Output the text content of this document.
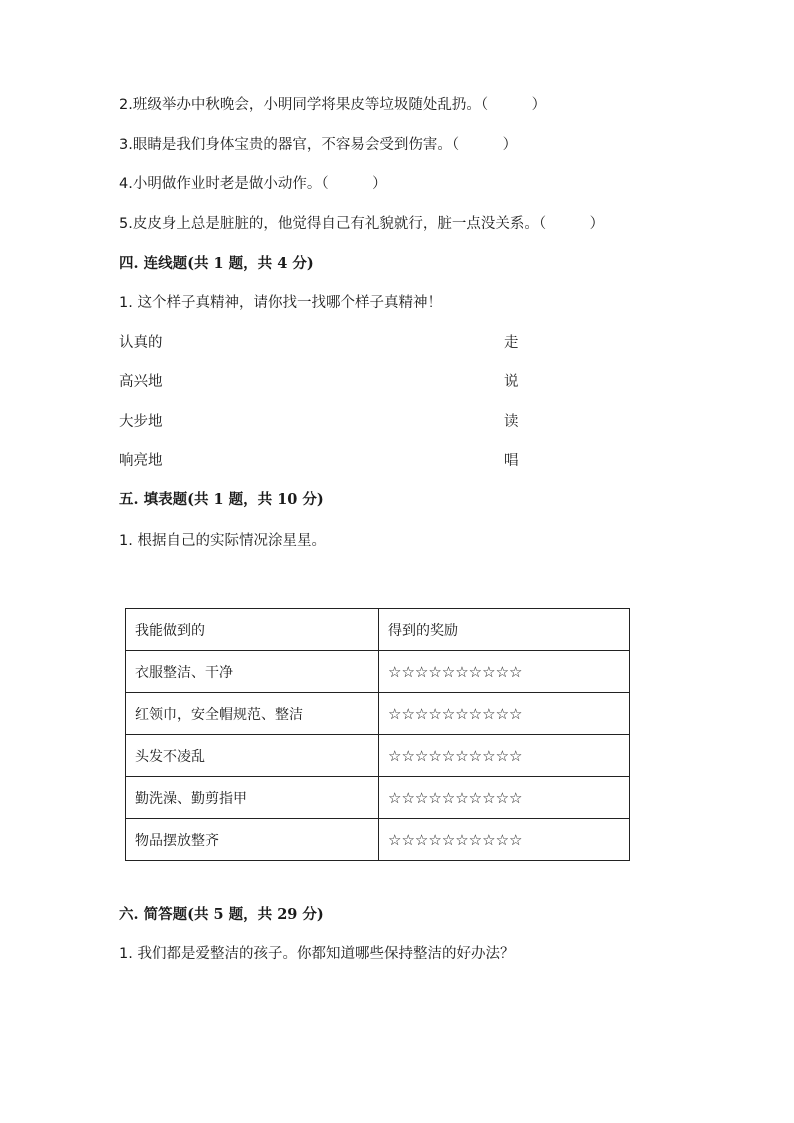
2.班级举办中秋晚会，小明同学将果皮等垃圾随处乱扔。（　　　）
3.眼睛是我们身体宝贵的器官，不容易会受到伤害。（　　　）
4.小明做作业时老是做小动作。（　　　）
5.皮皮身上总是脏脏的，他觉得自己有礼貌就行，脏一点没关系。（　　　）
四. 连线题(共 1 题，共 4 分)
1. 这个样子真精神，请你找一找哪个样子真精神！
认真的	走
高兴地	说
大步地	读
响亮地	唱
五. 填表题(共 1 题，共 10 分)
1. 根据自己的实际情况涂星星。
我能做到的	得到的奖励
衣服整洁、干净	☆☆☆☆☆☆☆☆☆☆
红领巾，安全帽规范、整洁	☆☆☆☆☆☆☆☆☆☆
头发不凌乱	☆☆☆☆☆☆☆☆☆☆
勤洗澡、勤剪指甲	☆☆☆☆☆☆☆☆☆☆
物品摆放整齐	☆☆☆☆☆☆☆☆☆☆
六. 简答题(共 5 题，共 29 分)
1. 我们都是爱整洁的孩子。你都知道哪些保持整洁的好办法？
